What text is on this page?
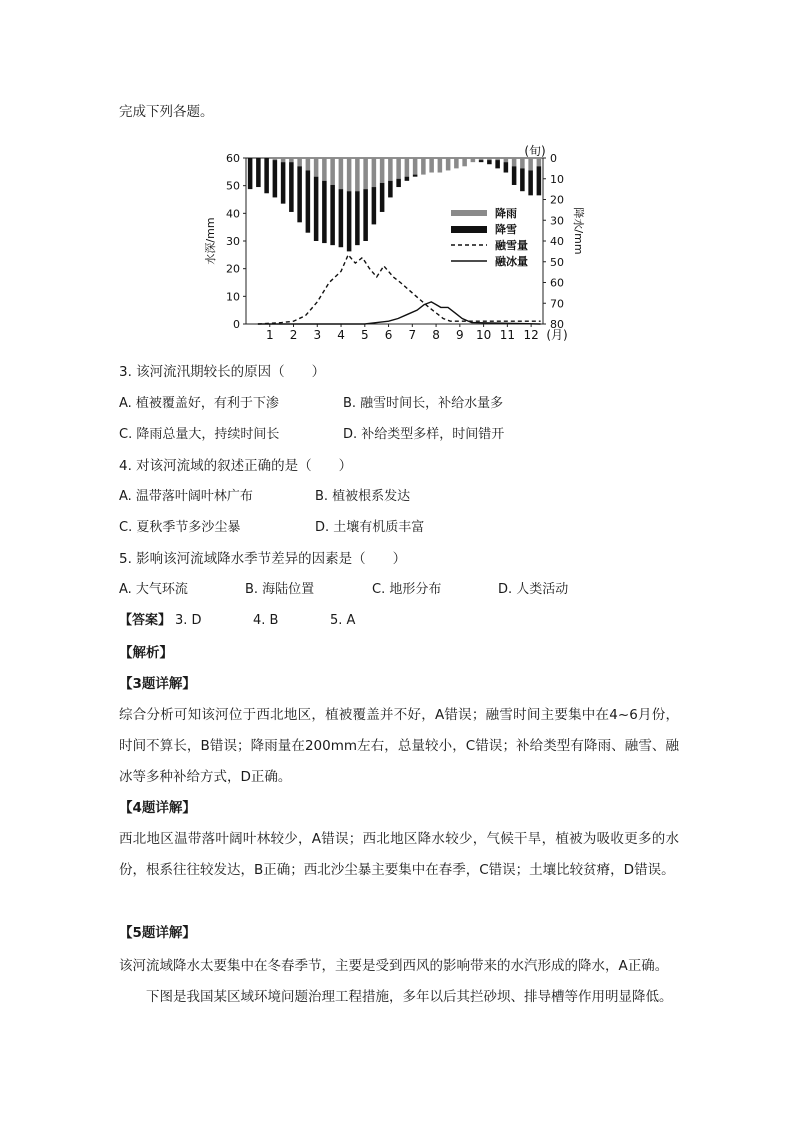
完成下列各题。
0
10
20
30
40
50
60	0
10
20
30
40
50
60
70
80
1 2 3 4 5 6 7 8 9 10 11 12 (月)
(旬)
水深/mm	降水/mm
降雨
降雪
融雪量
融冰量
3. 该河流汛期较长的原因（　　）
A. 植被覆盖好，有利于下渗	B. 融雪时间长，补给水量多
C. 降雨总量大，持续时间长	D. 补给类型多样，时间错开
4. 对该河流域的叙述正确的是（　　）
A. 温带落叶阔叶林广布	B. 植被根系发达
C. 夏秋季节多沙尘暴	D. 土壤有机质丰富
5. 影响该河流域降水季节差异的因素是（　　）
A. 大气环流	B. 海陆位置	C. 地形分布	D. 人类活动
【答案】 3. D	4. B	5. A
【解析】
【3题详解】
综合分析可知该河位于西北地区，植被覆盖并不好，A错误；融雪时间主要集中在4~6月份，时间不算长，B错误；降雨量在200mm左右，总量较小，C错误；补给类型有降雨、融雪、融冰等多种补给方式，D正确。
【4题详解】
西北地区温带落叶阔叶林较少，A错误；西北地区降水较少，气候干旱，植被为吸收更多的水份，根系往往较发达，B正确；西北沙尘暴主要集中在春季，C错误；土壤比较贫瘠，D错误。
【5题详解】
该河流域降水太要集中在冬春季节，主要是受到西风的影响带来的水汽形成的降水，A正确。
下图是我国某区域环境问题治理工程措施，多年以后其拦砂坝、排导槽等作用明显降低。
